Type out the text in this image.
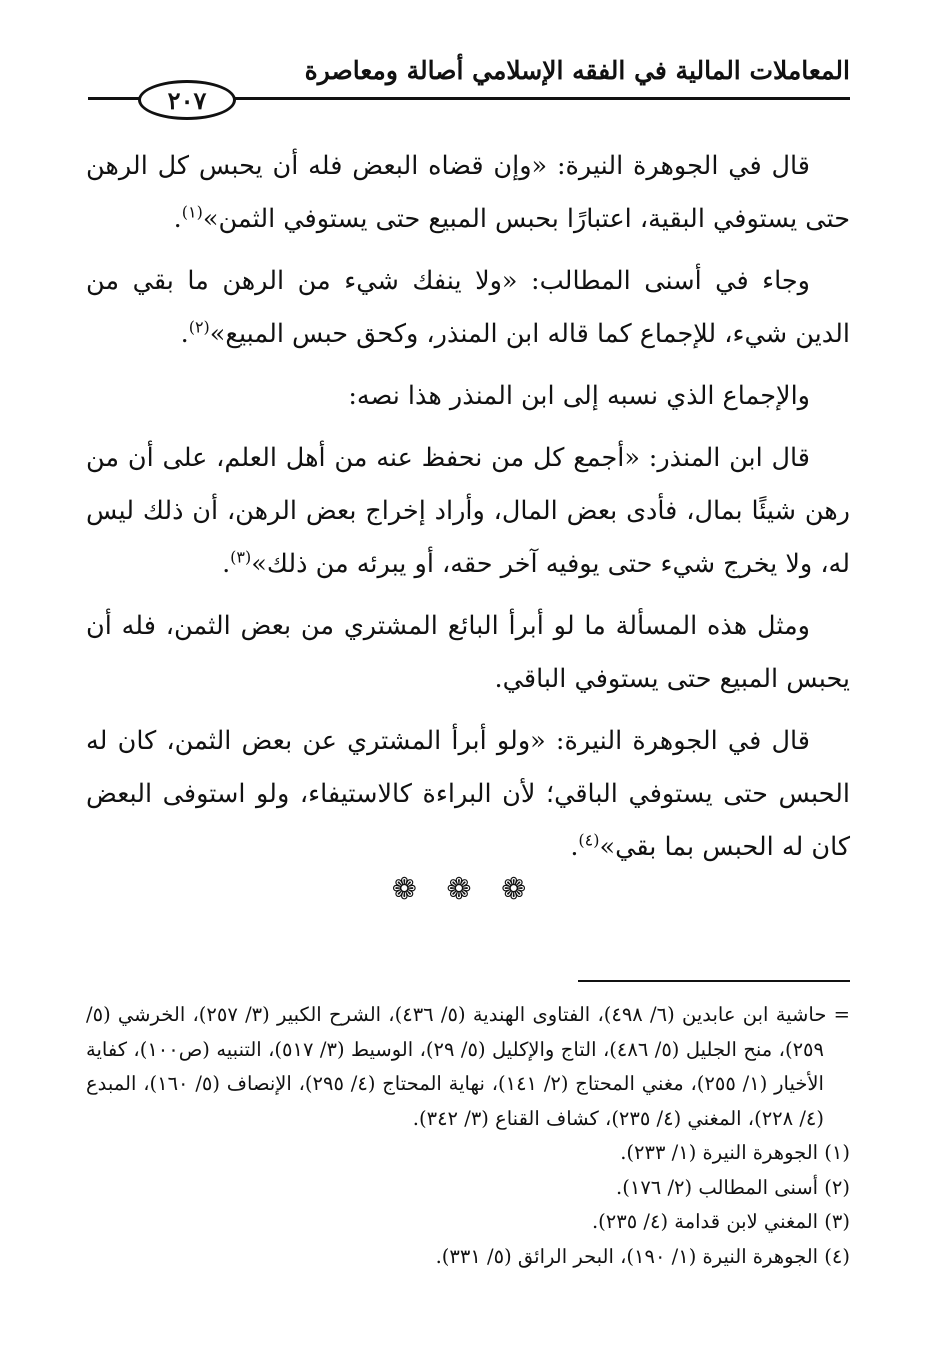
المعاملات المالية في الفقه الإسلامي أصالة ومعاصرة
٢٠٧

قال في الجوهرة النيرة: «وإن قضاه البعض فله أن يحبس كل الرهن حتى يستوفي البقية، اعتبارًا بحبس المبيع حتى يستوفي الثمن»$^{(١)}$.

وجاء في أسنى المطالب: «ولا ينفك شيء من الرهن ما بقي من الدين شيء، للإجماع كما قاله ابن المنذر، وكحق حبس المبيع»$^{(٢)}$.

والإجماع الذي نسبه إلى ابن المنذر هذا نصه:

قال ابن المنذر: «أجمع كل من نحفظ عنه من أهل العلم، على أن من رهن شيئًا بمال، فأدى بعض المال، وأراد إخراج بعض الرهن، أن ذلك ليس له، ولا يخرج شيء حتى يوفيه آخر حقه، أو يبرئه من ذلك»$^{(٣)}$.

ومثل هذه المسألة ما لو أبرأ البائع المشتري من بعض الثمن، فله أن يحبس المبيع حتى يستوفي الباقي.

قال في الجوهرة النيرة: «ولو أبرأ المشتري عن بعض الثمن، كان له الحبس حتى يستوفي الباقي؛ لأن البراءة كالاستيفاء، ولو استوفى البعض كان له الحبس بما بقي»$^{(٤)}$.

❁ ❁ ❁

= حاشية ابن عابدين (٦/ ٤٩٨)، الفتاوى الهندية (٥/ ٤٣٦)، الشرح الكبير (٣/ ٢٥٧)، الخرشي (٥/ ٢٥٩)، منح الجليل (٥/ ٤٨٦)، التاج والإكليل (٥/ ٢٩)، الوسيط (٣/ ٥١٧)، التنبيه (ص١٠٠)، كفاية الأخيار (١/ ٢٥٥)، مغني المحتاج (٢/ ١٤١)، نهاية المحتاج (٤/ ٢٩٥)، الإنصاف (٥/ ١٦٠)، المبدع (٤/ ٢٢٨)، المغني (٤/ ٢٣٥)، كشاف القناع (٣/ ٣٤٢).

(١) الجوهرة النيرة (١/ ٢٣٣).

(٢) أسنى المطالب (٢/ ١٧٦).

(٣) المغني لابن قدامة (٤/ ٢٣٥).

(٤) الجوهرة النيرة (١/ ١٩٠)، البحر الرائق (٥/ ٣٣١).
